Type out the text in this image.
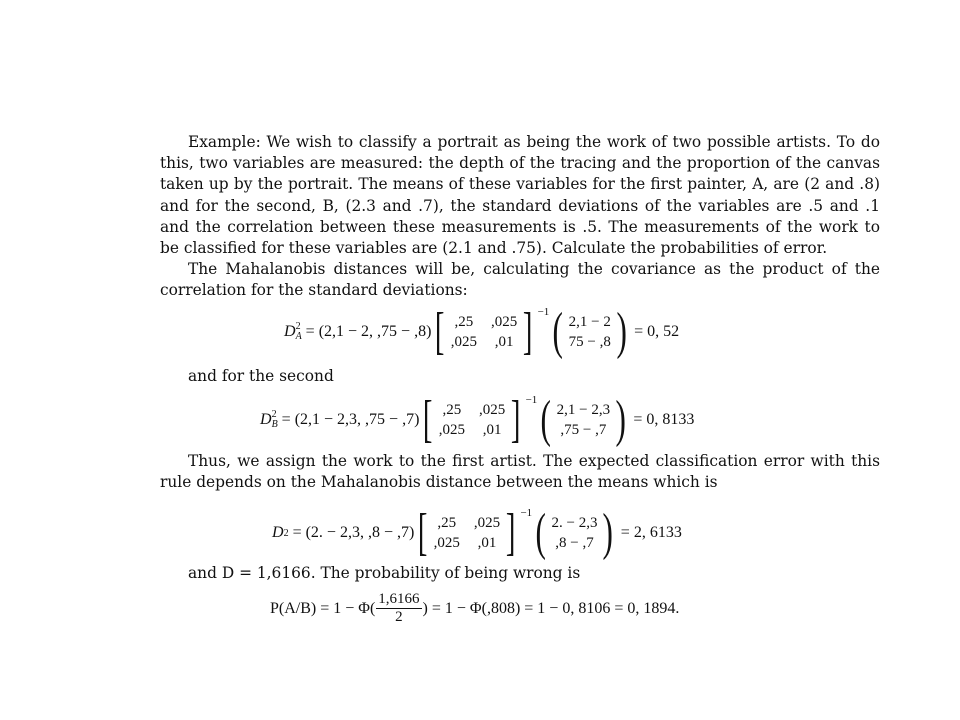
Example: We wish to classify a portrait as being the work of two possible artists. To do this, two variables are measured: the depth of the tracing and the proportion of the canvas taken up by the portrait. The means of these variables for the first painter, A, are (2 and .8) and for the second, B, (2.3 and .7), the standard deviations of the variables are .5 and .1 and the correlation between these measurements is .5. The measurements of the work to be classified for these variables are (2.1 and .75). Calculate the probabilities of error.

The Mahalanobis distances will be, calculating the covariance as the product of the correlation for the standard deviations:

D 2
A = (2,1 − 2, ,75 − ,8) [ ,25 ,025
,025 ,01 ] −1 ( 2,1 − 2
75 − ,8 ) = 0, 52
and for the second
D 2
B = (2,1 − 2,3, ,75 − ,7) [ ,25 ,025
,025 ,01 ] −1 ( 2,1 − 2,3
,75 − ,7 ) = 0, 8133

Thus, we assign the work to the first artist. The expected classification error with this rule depends on the Mahalanobis distance between the means which is

D 2 = (2. − 2,3, ,8 − ,7) [ ,25 ,025
,025 ,01 ] −1 ( 2. − 2,3
,8 − ,7 ) = 2, 6133
and D = 1,6166. The probability of being wrong is
$P(A/B) = 1 - \Phi( \frac{1,6166}{2}$ ) = 1 − Φ(,808) = 1 − 0, 8106 = 0, 1894.
